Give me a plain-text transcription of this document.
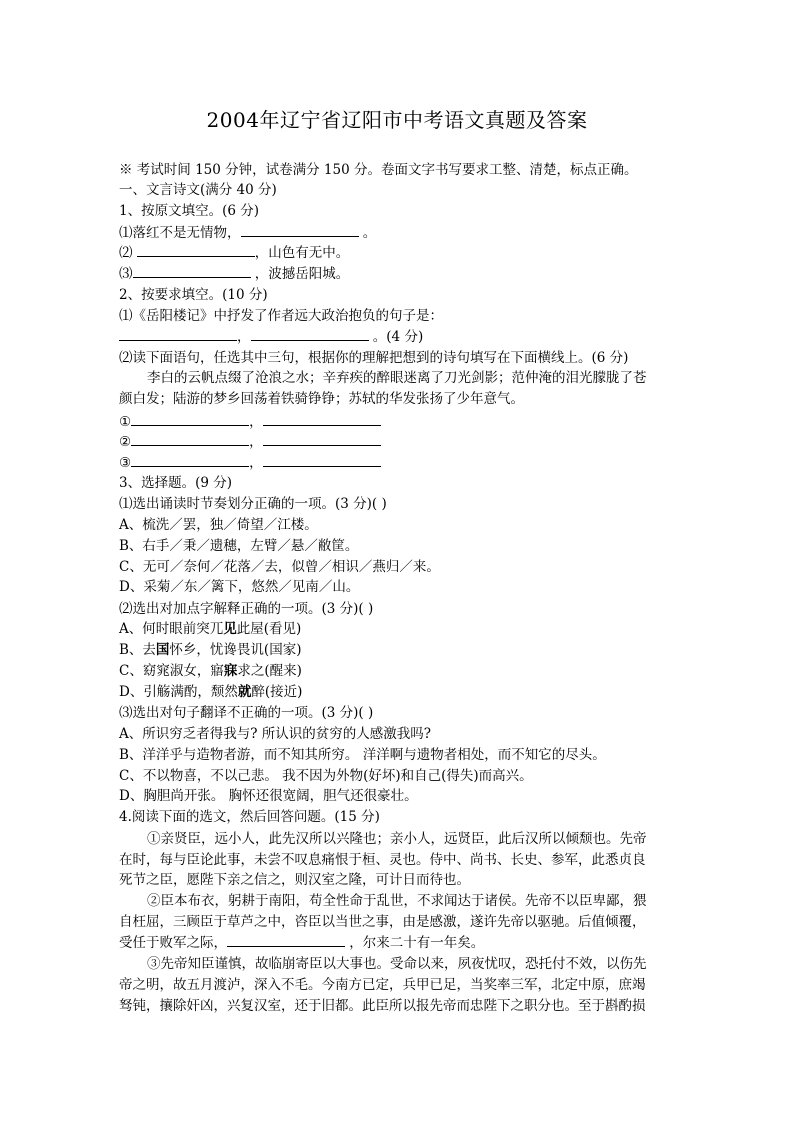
2004年辽宁省辽阳市中考语文真题及答案
※ 考试时间 150 分钟，试卷满分 150 分。卷面文字书写要求工整、清楚，标点正确。
一、文言诗文(满分 40 分)
1、按原文填空。(6 分)
⑴落红不是无情物，	。
⑵	，山色有无中。
⑶	，波撼岳阳城。
2、按要求填空。(10 分)
⑴《岳阳楼记》中抒发了作者远大政治抱负的句子是：
，	。(4 分)
⑵读下面语句，任选其中三句，根据你的理解把想到的诗句填写在下面横线上。(6 分)
李白的云帆点缀了沧浪之水；辛弃疾的醉眼迷离了刀光剑影；范仲淹的泪光朦胧了苍
颜白发；陆游的梦乡回荡着铁骑铮铮；苏轼的华发张扬了少年意气。
①	，
②	，
③	，
3、选择题。(9 分)
⑴选出诵读时节奏划分正确的一项。(3 分)( )
A、梳洗／罢，独／倚望／江楼。
B、右手／秉／遗穗，左臂／悬／敝筐。
C、无可／奈何／花落／去，似曾／相识／燕归／来。
D、采菊／东／篱下，悠然／见南／山。
⑵选出对加点字解释正确的一项。(3 分)( )
A、何时眼前突兀见此屋(看见)
B、去国怀乡，忧谗畏讥(国家)
C、窈窕淑女，寤寐求之(醒来)
D、引觞满酌，颓然就醉(接近)
⑶选出对句子翻译不正确的一项。(3 分)( )
A、所识穷乏者得我与? 所认识的贫穷的人感激我吗?
B、洋洋乎与造物者游，而不知其所穷。 洋洋啊与遗物者相处，而不知它的尽头。
C、不以物喜，不以己悲。 我不因为外物(好坏)和自己(得失)而高兴。
D、胸胆尚开张。 胸怀还很宽阔，胆气还很豪壮。
4.阅读下面的选文，然后回答问题。(15 分)
①亲贤臣，远小人，此先汉所以兴隆也；亲小人，远贤臣，此后汉所以倾颓也。先帝
在时，每与臣论此事，未尝不叹息痛恨于桓、灵也。侍中、尚书、长史、参军，此悉贞良
死节之臣，愿陛下亲之信之，则汉室之隆，可计日而待也。
②臣本布衣，躬耕于南阳，苟全性命于乱世，不求闻达于诸侯。先帝不以臣卑鄙，猥
自枉屈，三顾臣于草芦之中，咨臣以当世之事，由是感激，遂许先帝以驱驰。后值倾覆，
受任于败军之际，	，尔来二十有一年矣。
③先帝知臣谨慎，故临崩寄臣以大事也。受命以来，夙夜忧叹，恐托付不效，以伤先
帝之明，故五月渡泸，深入不毛。今南方已定，兵甲已足，当奖率三军，北定中原，庶竭
驽钝，攘除奸凶，兴复汉室，还于旧都。此臣所以报先帝而忠陛下之职分也。至于斟酌损
